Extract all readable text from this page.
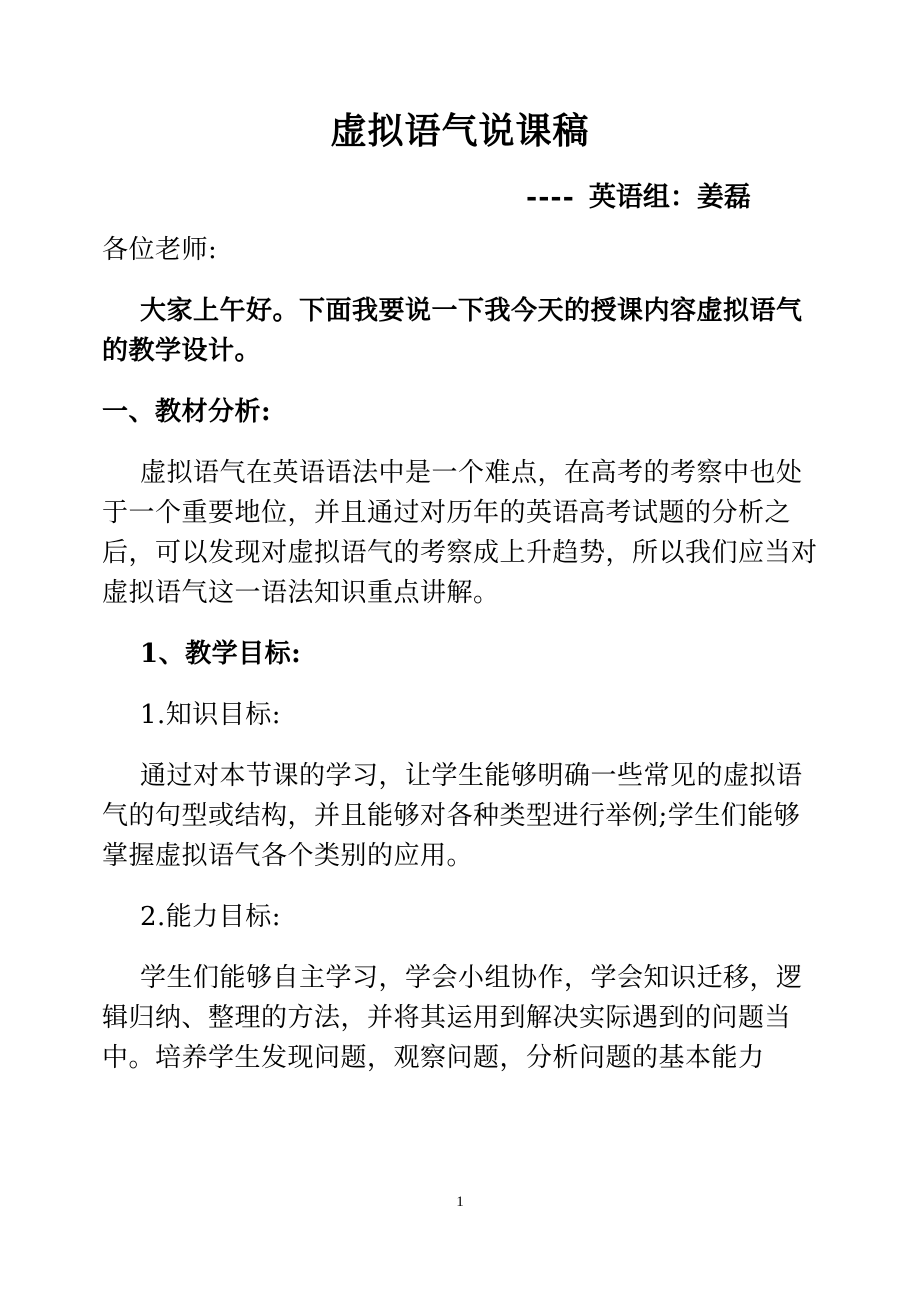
虚拟语气说课稿
---- 英语组：姜磊

各位老师:

大家上午好。下面我要说一下我今天的授课内容虚拟语气的教学设计。

一、教材分析:

虚拟语气在英语语法中是一个难点，在高考的考察中也处于一个重要地位，并且通过对历年的英语高考试题的分析之后，可以发现对虚拟语气的考察成上升趋势，所以我们应当对虚拟语气这一语法知识重点讲解。

1、教学目标:

1.知识目标:

通过对本节课的学习，让学生能够明确一些常见的虚拟语气的句型或结构，并且能够对各种类型进行举例;学生们能够掌握虚拟语气各个类别的应用。

2.能力目标:

学生们能够自主学习，学会小组协作，学会知识迁移，逻辑归纳、整理的方法，并将其运用到解决实际遇到的问题当中。培养学生发现问题，观察问题，分析问题的基本能力

1
